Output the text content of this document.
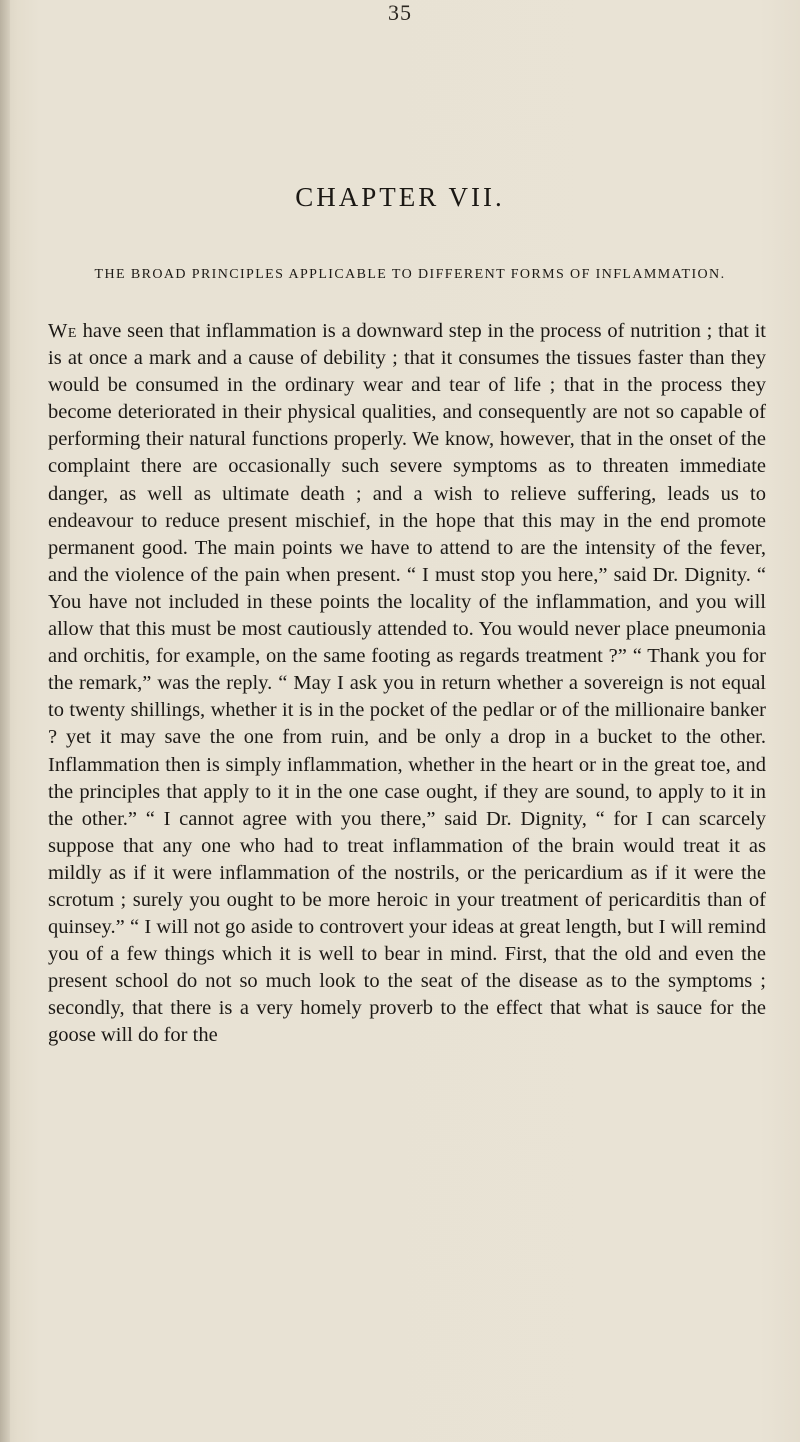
35
CHAPTER VII.
THE BROAD PRINCIPLES APPLICABLE TO DIFFERENT FORMS OF INFLAMMATION.
We have seen that inflammation is a downward step in the process of nutrition ; that it is at once a mark and a cause of debility ; that it consumes the tissues faster than they would be consumed in the ordinary wear and tear of life ; that in the process they become deteriorated in their physical qualities, and consequently are not so capable of performing their natural functions properly. We know, however, that in the onset of the complaint there are occasionally such severe symptoms as to threaten immediate danger, as well as ultimate death ; and a wish to relieve suffering, leads us to endeavour to reduce present mischief, in the hope that this may in the end promote permanent good. The main points we have to attend to are the intensity of the fever, and the violence of the pain when present. “ I must stop you here,” said Dr. Dignity. “ You have not included in these points the locality of the inflammation, and you will allow that this must be most cautiously attended to. You would never place pneumonia and orchitis, for example, on the same footing as regards treatment ?” “ Thank you for the remark,” was the reply. “ May I ask you in return whether a sovereign is not equal to twenty shillings, whether it is in the pocket of the pedlar or of the millionaire banker ? yet it may save the one from ruin, and be only a drop in a bucket to the other. Inflammation then is simply inflammation, whether in the heart or in the great toe, and the principles that apply to it in the one case ought, if they are sound, to apply to it in the other.” “ I cannot agree with you there,” said Dr. Dignity, “ for I can scarcely suppose that any one who had to treat inflammation of the brain would treat it as mildly as if it were inflammation of the nostrils, or the pericardium as if it were the scrotum ; surely you ought to be more heroic in your treatment of pericarditis than of quinsey.” “ I will not go aside to controvert your ideas at great length, but I will remind you of a few things which it is well to bear in mind. First, that the old and even the present school do not so much look to the seat of the disease as to the symptoms ; secondly, that there is a very homely proverb to the effect that what is sauce for the goose will do for the
